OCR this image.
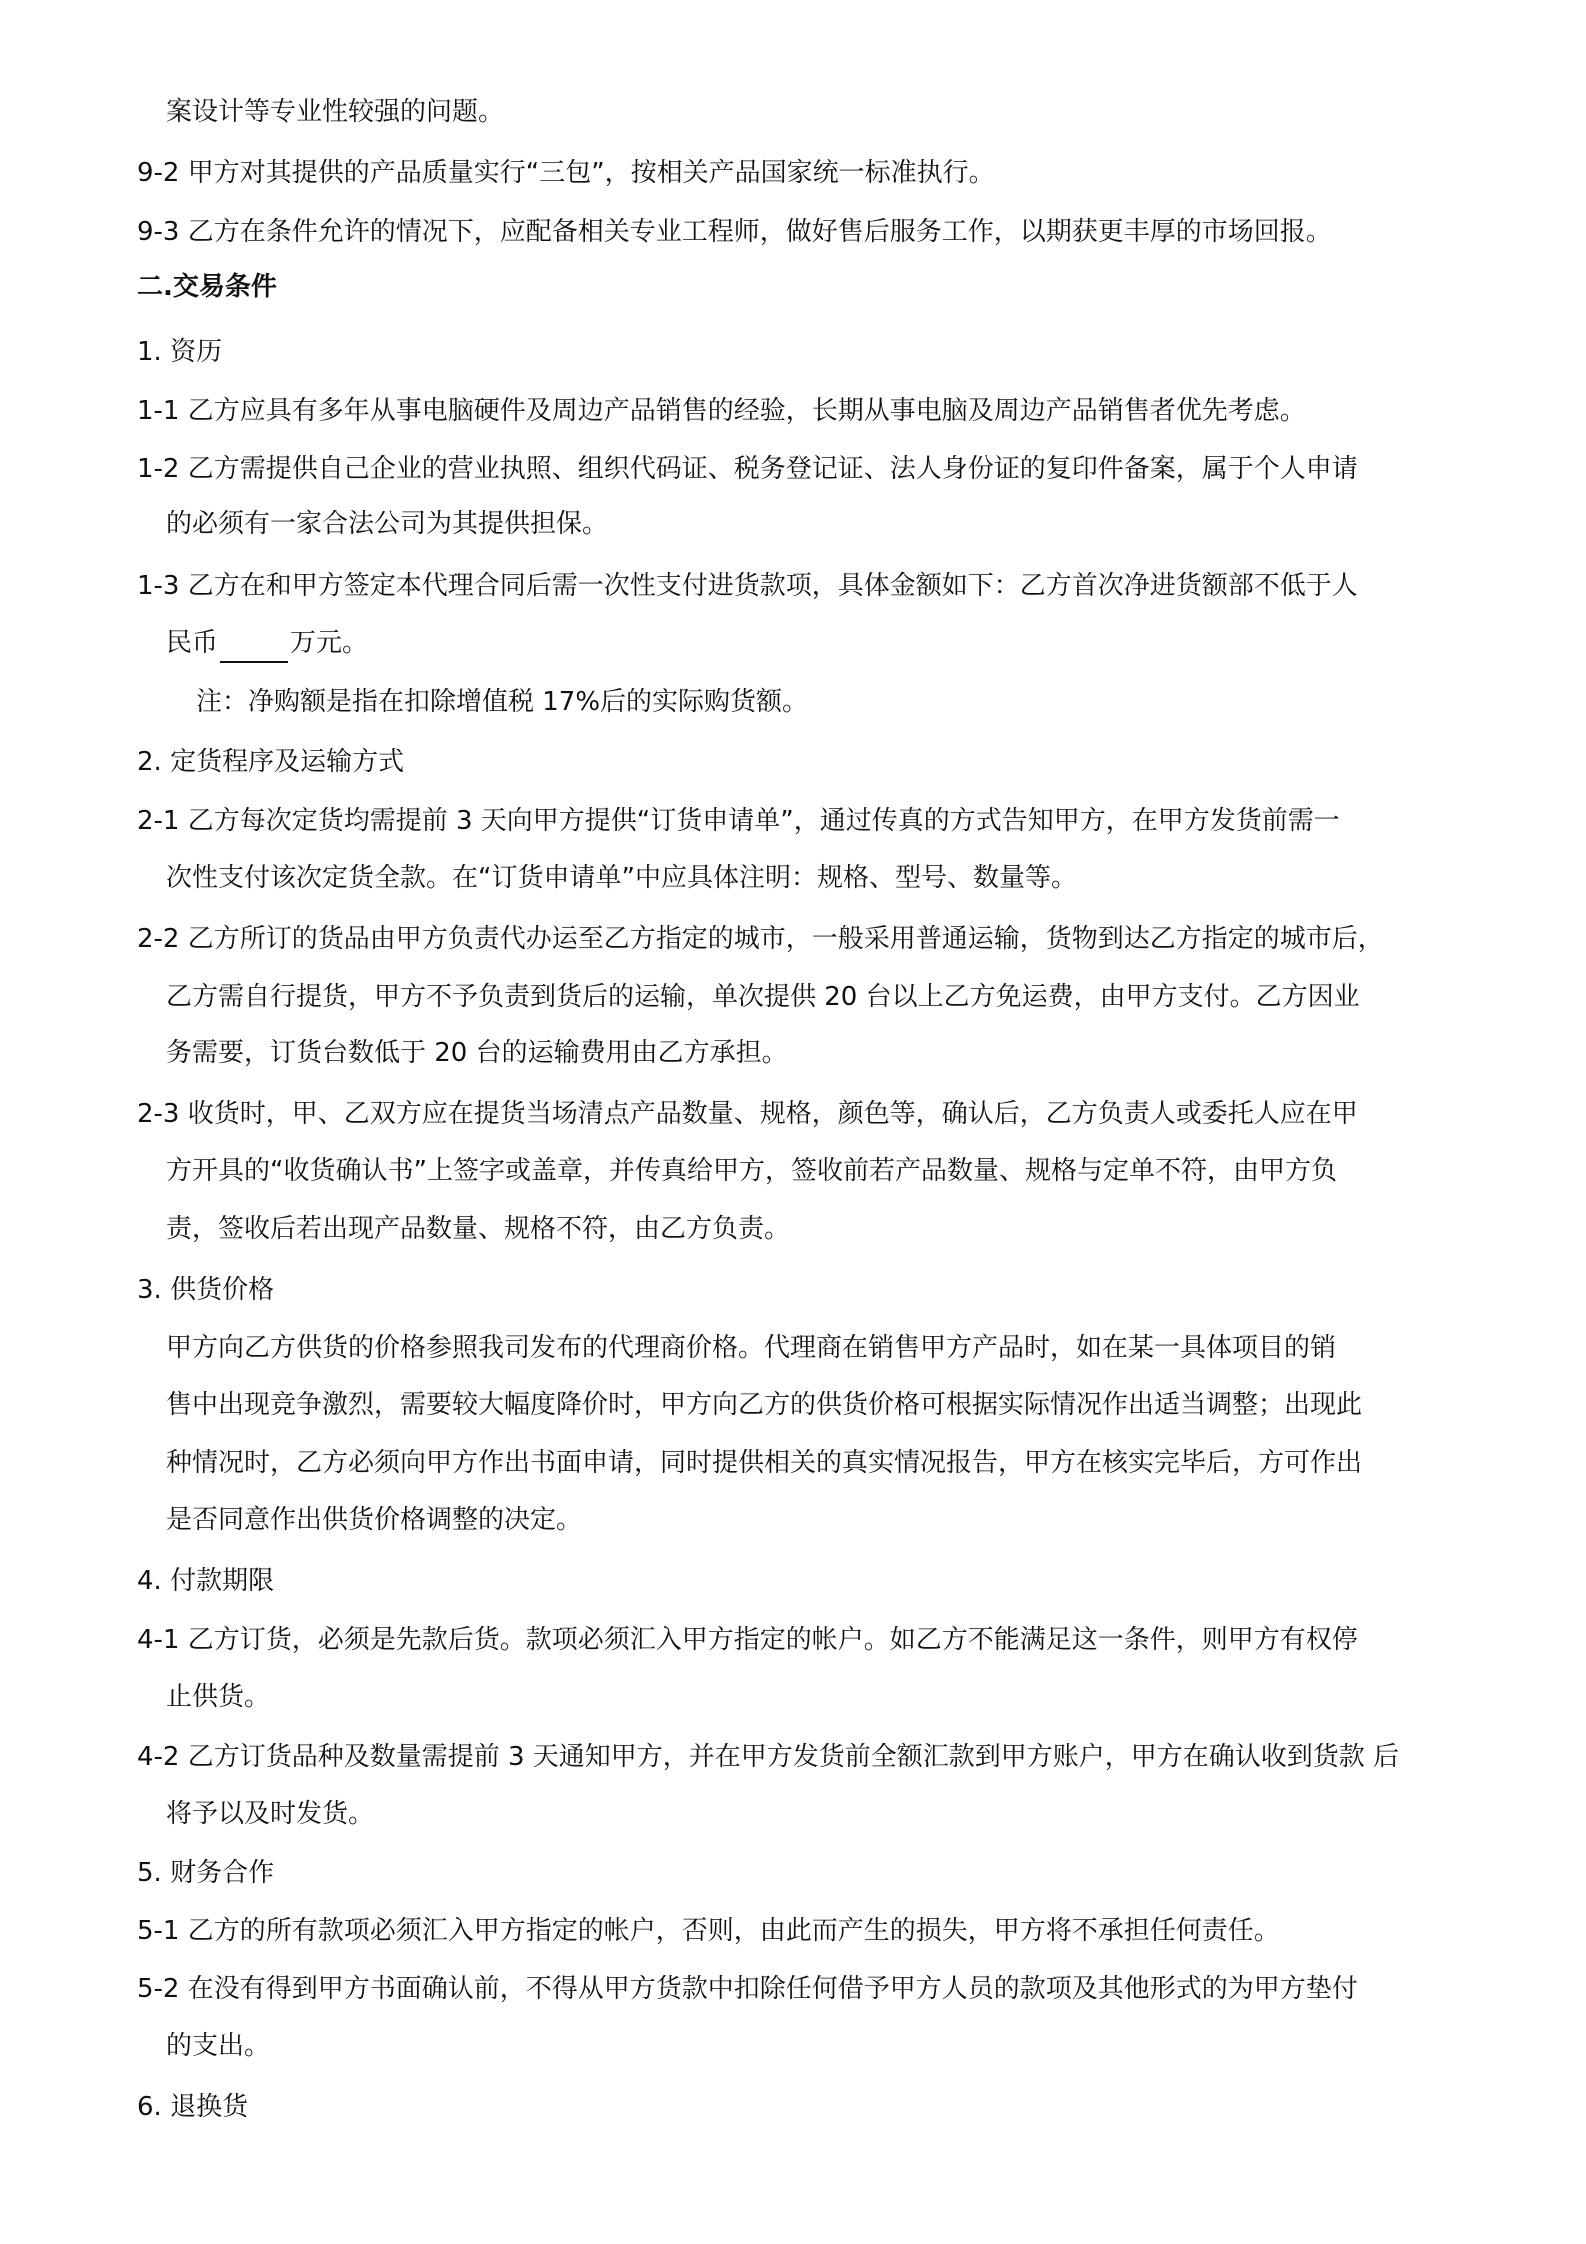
案设计等专业性较强的问题。
9-2 甲方对其提供的产品质量实行“三包”，按相关产品国家统一标准执行。
9-3 乙方在条件允许的情况下，应配备相关专业工程师，做好售后服务工作，以期获更丰厚的市场回报。
二.交易条件
1. 资历
1-1 乙方应具有多年从事电脑硬件及周边产品销售的经验，长期从事电脑及周边产品销售者优先考虑。
1-2 乙方需提供自己企业的营业执照、组织代码证、税务登记证、法人身份证的复印件备案，属于个人申请
的必须有一家合法公司为其提供担保。
1-3 乙方在和甲方签定本代理合同后需一次性支付进货款项，具体金额如下：乙方首次净进货额部不低于人
民币	万元。
注：净购额是指在扣除增值税 17%后的实际购货额。
2. 定货程序及运输方式
2-1 乙方每次定货均需提前 3 天向甲方提供“订货申请单”，通过传真的方式告知甲方，在甲方发货前需一
次性支付该次定货全款。在“订货申请单”中应具体注明：规格、型号、数量等。
2-2 乙方所订的货品由甲方负责代办运至乙方指定的城市，一般采用普通运输，货物到达乙方指定的城市后，
乙方需自行提货，甲方不予负责到货后的运输，单次提供 20 台以上乙方免运费，由甲方支付。乙方因业
务需要，订货台数低于 20 台的运输费用由乙方承担。
2-3 收货时，甲、乙双方应在提货当场清点产品数量、规格，颜色等，确认后，乙方负责人或委托人应在甲
方开具的“收货确认书”上签字或盖章，并传真给甲方，签收前若产品数量、规格与定单不符，由甲方负
责，签收后若出现产品数量、规格不符，由乙方负责。
3. 供货价格
甲方向乙方供货的价格参照我司发布的代理商价格。代理商在销售甲方产品时，如在某一具体项目的销
售中出现竞争激烈，需要较大幅度降价时，甲方向乙方的供货价格可根据实际情况作出适当调整；出现此
种情况时，乙方必须向甲方作出书面申请，同时提供相关的真实情况报告，甲方在核实完毕后，方可作出
是否同意作出供货价格调整的决定。
4. 付款期限
4-1 乙方订货，必须是先款后货。款项必须汇入甲方指定的帐户。如乙方不能满足这一条件，则甲方有权停
止供货。
4-2 乙方订货品种及数量需提前 3 天通知甲方，并在甲方发货前全额汇款到甲方账户，甲方在确认收到货款 后
将予以及时发货。
5. 财务合作
5-1 乙方的所有款项必须汇入甲方指定的帐户，否则，由此而产生的损失，甲方将不承担任何责任。
5-2 在没有得到甲方书面确认前，不得从甲方货款中扣除任何借予甲方人员的款项及其他形式的为甲方垫付
的支出。
6. 退换货
